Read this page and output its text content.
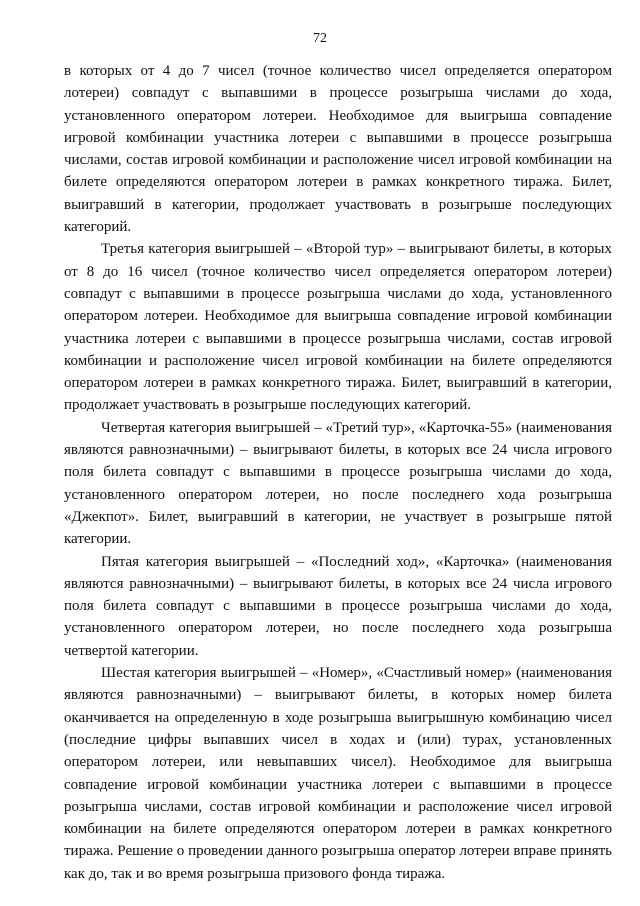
72

в которых от 4 до 7 чисел (точное количество чисел определяется оператором лотереи) совпадут с выпавшими в процессе розыгрыша числами до хода, установленного оператором лотереи. Необходимое для выигрыша совпадение игровой комбинации участника лотереи с выпавшими в процессе розыгрыша числами, состав игровой комбинации и расположение чисел игровой комбинации на билете определяются оператором лотереи в рамках конкретного тиража. Билет, выигравший в категории, продолжает участвовать в розыгрыше последующих категорий.

Третья категория выигрышей – «Второй тур» – выигрывают билеты, в которых от 8 до 16 чисел (точное количество чисел определяется оператором лотереи) совпадут с выпавшими в процессе розыгрыша числами до хода, установленного оператором лотереи. Необходимое для выигрыша совпадение игровой комбинации участника лотереи с выпавшими в процессе розыгрыша числами, состав игровой комбинации и расположение чисел игровой комбинации на билете определяются оператором лотереи в рамках конкретного тиража. Билет, выигравший в категории, продолжает участвовать в розыгрыше последующих категорий.

Четвертая категория выигрышей – «Третий тур», «Карточка-55» (наименования являются равнозначными) – выигрывают билеты, в которых все 24 числа игрового поля билета совпадут с выпавшими в процессе розыгрыша числами до хода, установленного оператором лотереи, но после последнего хода розыгрыша «Джекпот». Билет, выигравший в категории, не участвует в розыгрыше пятой категории.

Пятая категория выигрышей – «Последний ход», «Карточка» (наименования являются равнозначными) – выигрывают билеты, в которых все 24 числа игрового поля билета совпадут с выпавшими в процессе розыгрыша числами до хода, установленного оператором лотереи, но после последнего хода розыгрыша четвертой категории.

Шестая категория выигрышей – «Номер», «Счастливый номер» (наименования являются равнозначными) – выигрывают билеты, в которых номер билета оканчивается на определенную в ходе розыгрыша выигрышную комбинацию чисел (последние цифры выпавших чисел в ходах и (или) турах, установленных оператором лотереи, или невыпавших чисел). Необходимое для выигрыша совпадение игровой комбинации участника лотереи с выпавшими в процессе розыгрыша числами, состав игровой комбинации и расположение чисел игровой комбинации на билете определяются оператором лотереи в рамках конкретного тиража. Решение о проведении данного розыгрыша оператор лотереи вправе принять как до, так и во время розыгрыша призового фонда тиража.
